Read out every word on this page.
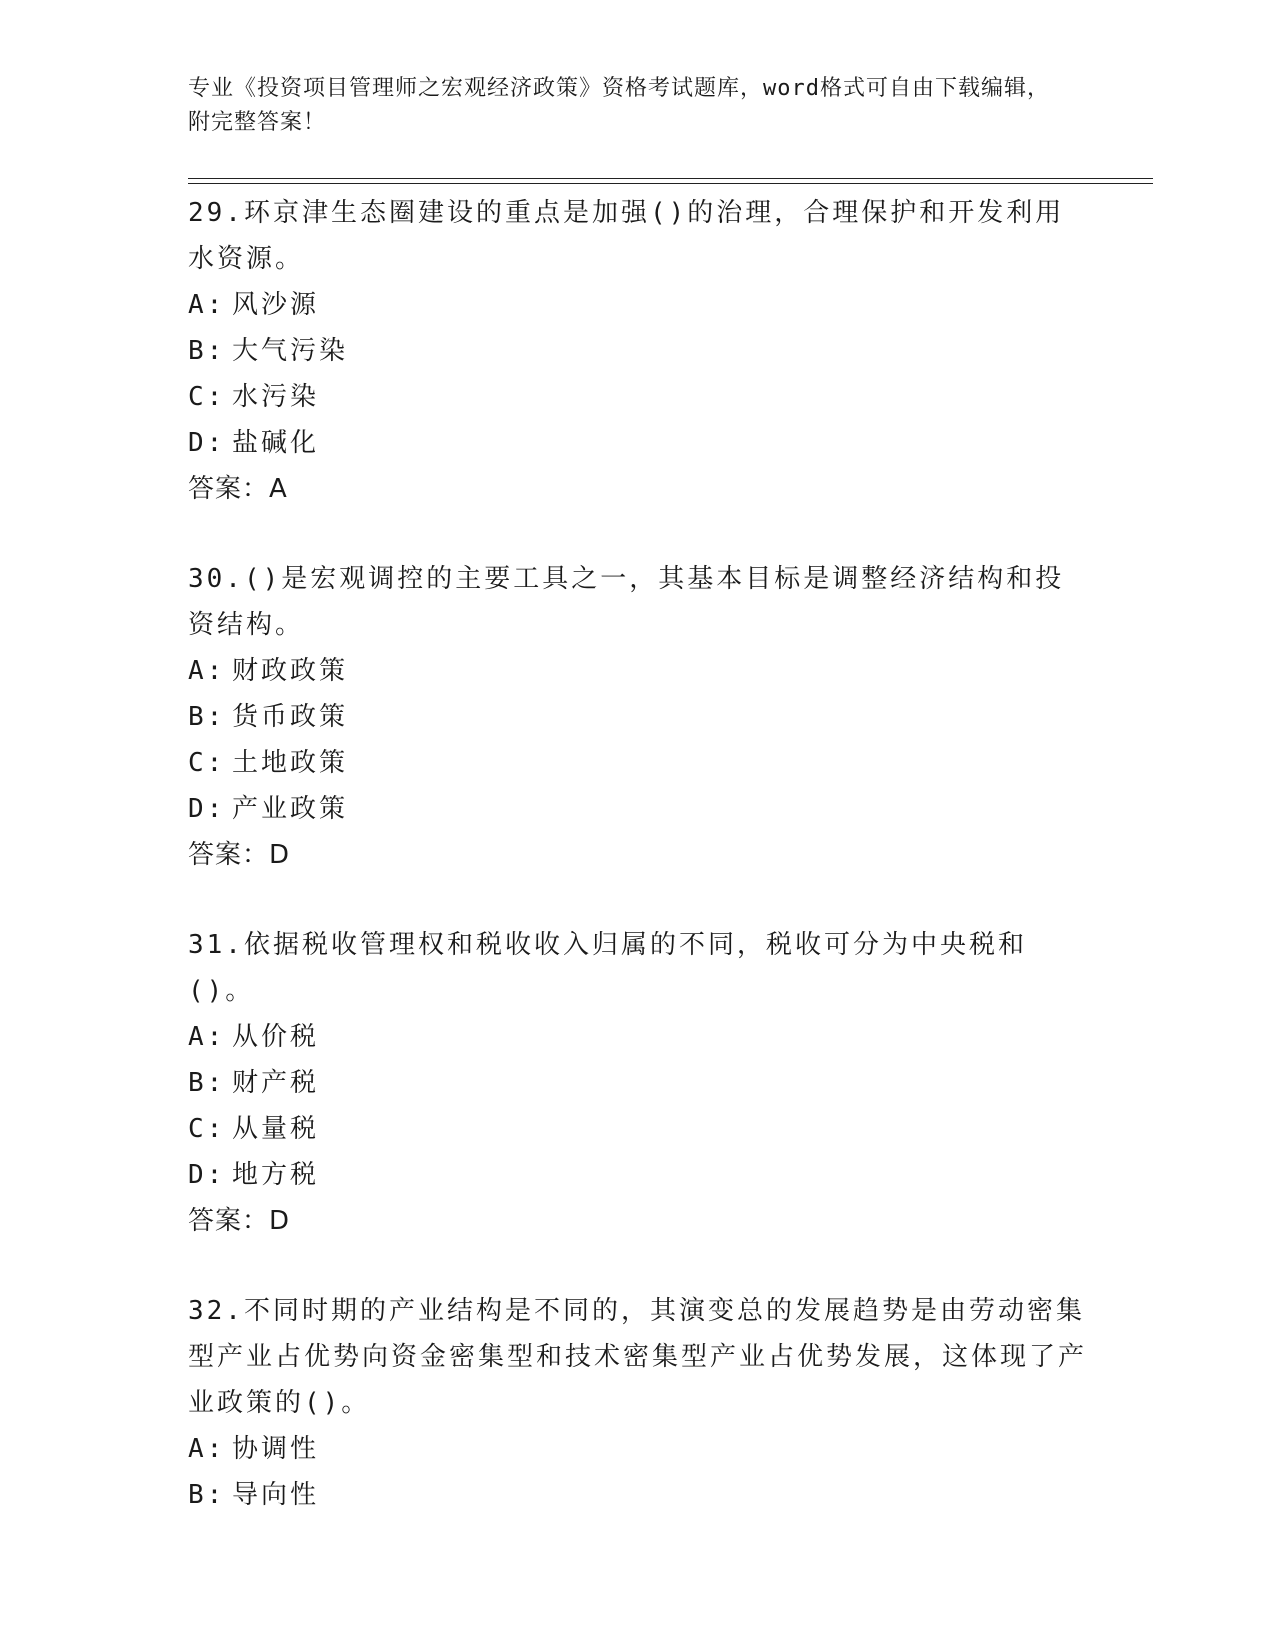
专业《投资项目管理师之宏观经济政策》资格考试题库，word格式可自由下载编辑，附完整答案！
29.环京津生态圈建设的重点是加强()的治理，合理保护和开发利用水资源。
A: 风沙源
B: 大气污染
C: 水污染
D: 盐碱化
答案：A
30.()是宏观调控的主要工具之一，其基本目标是调整经济结构和投资结构。
A: 财政政策
B: 货币政策
C: 土地政策
D: 产业政策
答案：D
31.依据税收管理权和税收收入归属的不同，税收可分为中央税和()。
A: 从价税
B: 财产税
C: 从量税
D: 地方税
答案：D
32.不同时期的产业结构是不同的，其演变总的发展趋势是由劳动密集型产业占优势向资金密集型和技术密集型产业占优势发展，这体现了产业政策的()。
A: 协调性
B: 导向性
